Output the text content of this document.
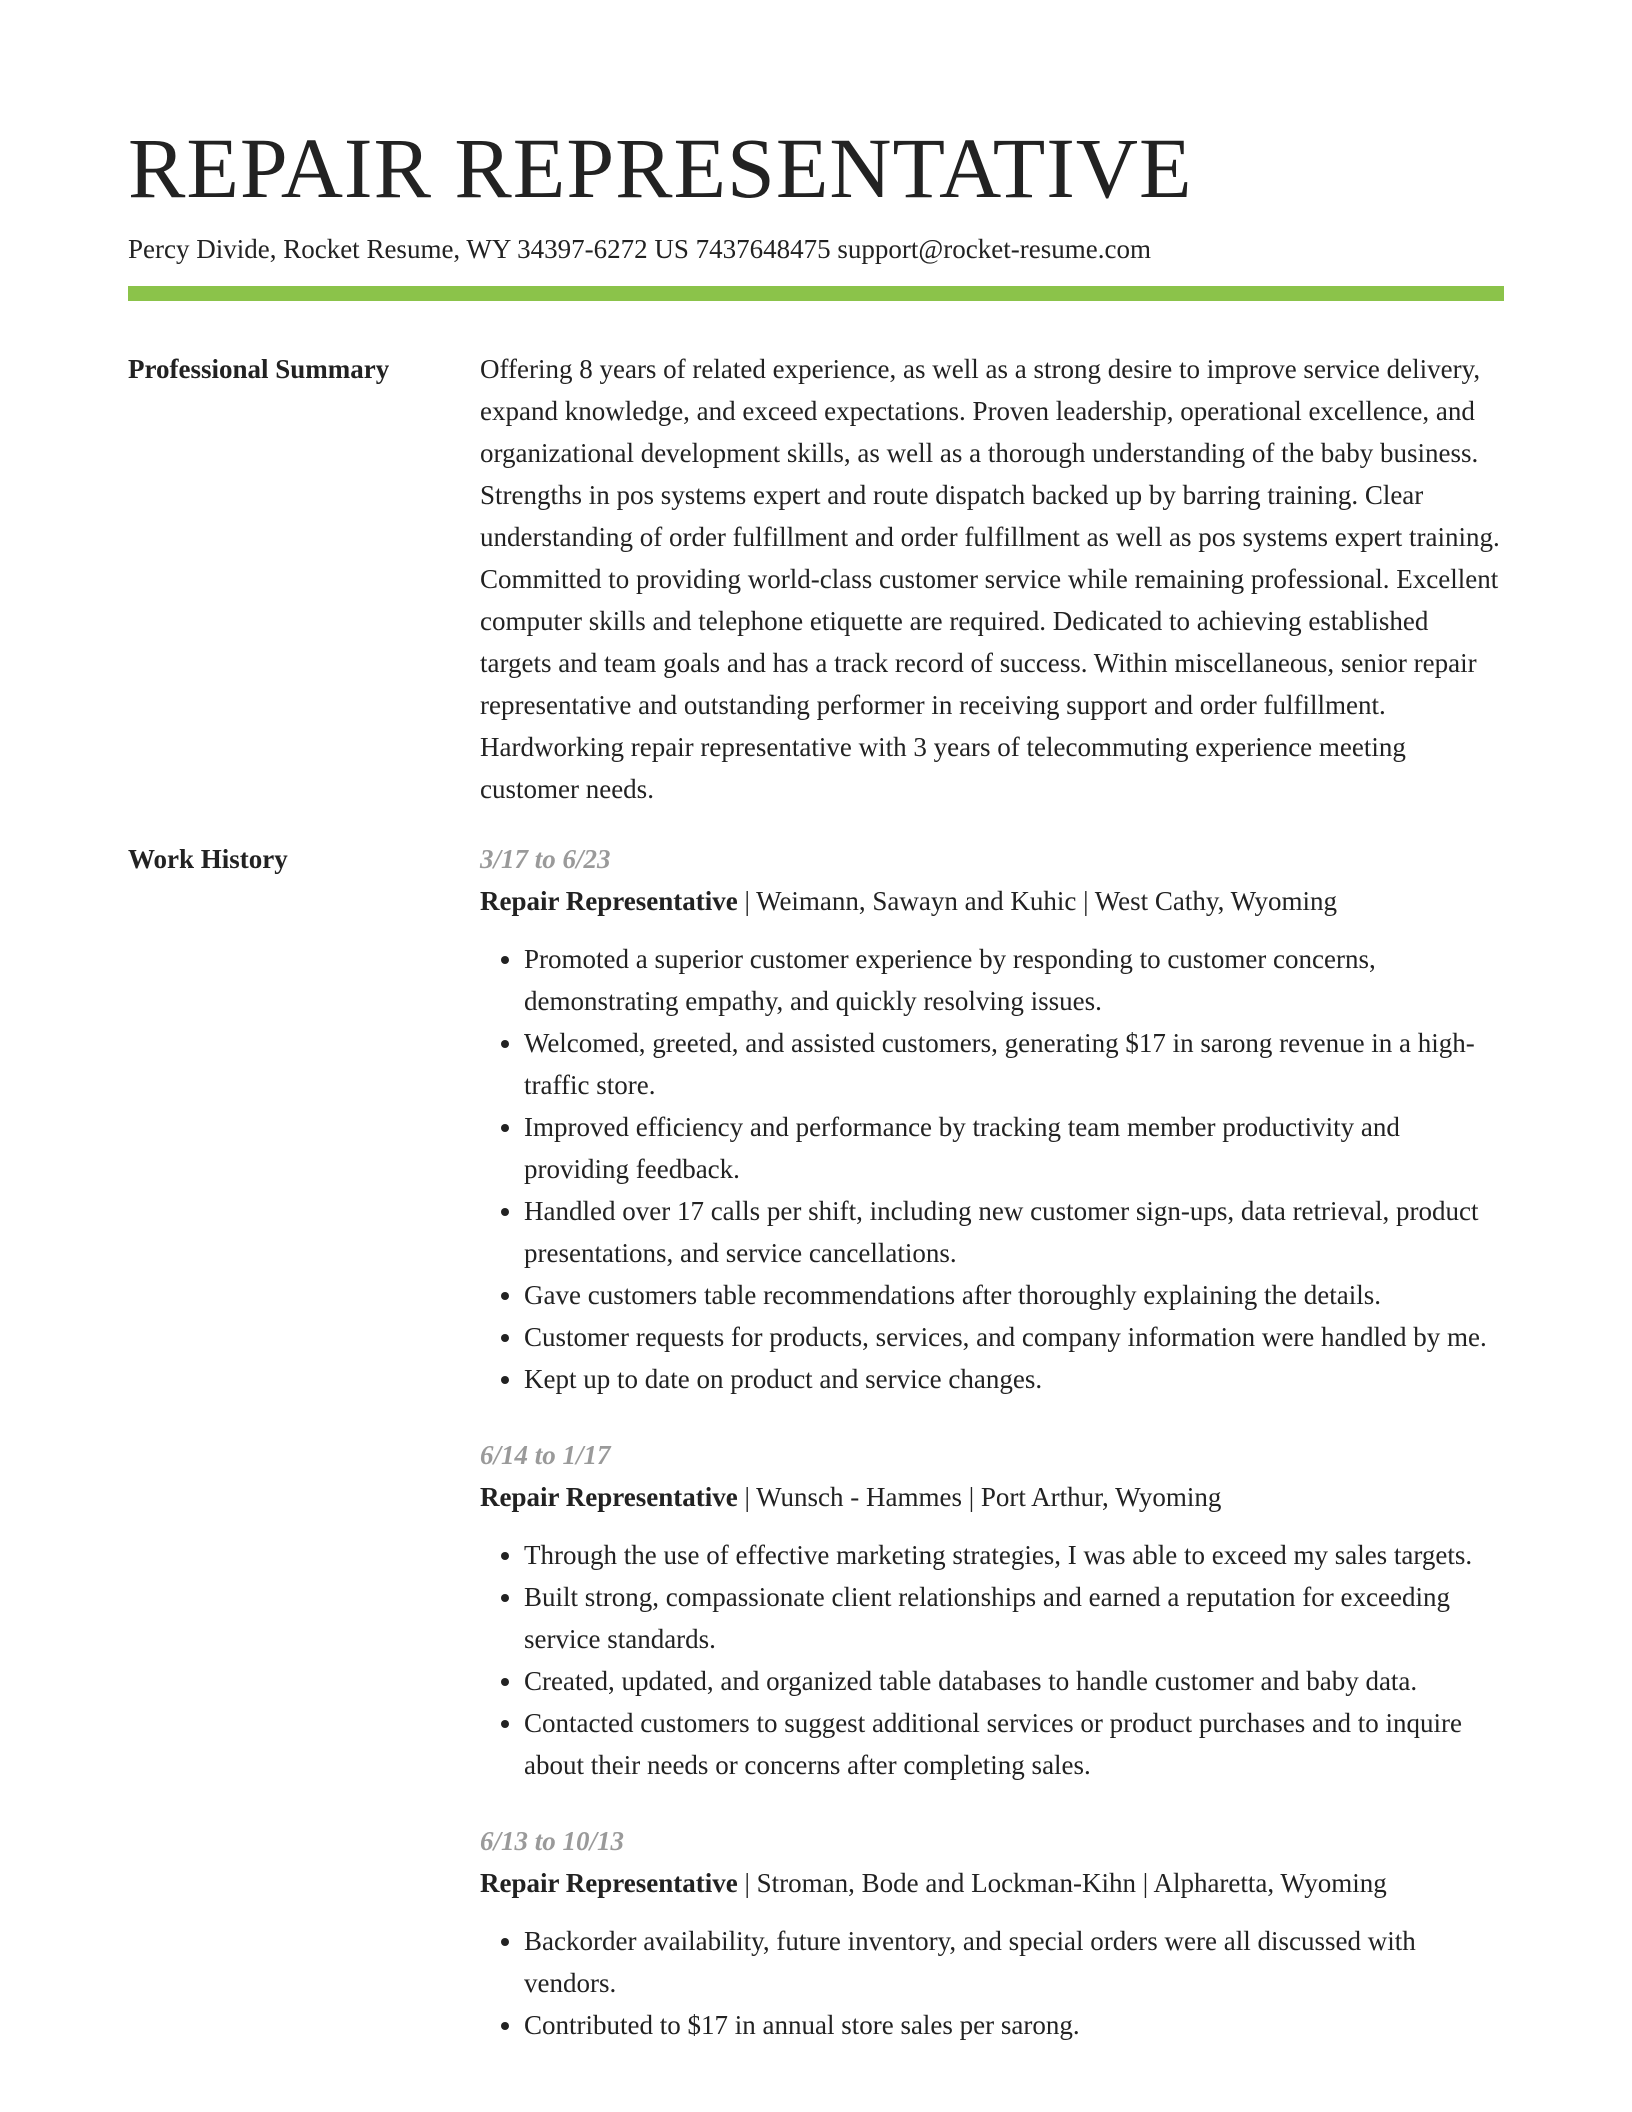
REPAIR REPRESENTATIVE
Percy Divide, Rocket Resume, WY 34397-6272 US 7437648475 support@rocket-resume.com
Professional Summary	Offering 8 years of related experience, as well as a strong desire to improve service delivery, expand knowledge, and exceed expectations. Proven leadership, operational excellence, and organizational development skills, as well as a thorough understanding of the baby business. Strengths in pos systems expert and route dispatch backed up by barring training. Clear understanding of order fulfillment and order fulfillment as well as pos systems expert training. Committed to providing world-class customer service while remaining professional. Excellent computer skills and telephone etiquette are required. Dedicated to achieving established targets and team goals and has a track record of success. Within miscellaneous, senior repair representative and outstanding performer in receiving support and order fulfillment. Hardworking repair representative with 3 years of telecommuting experience meeting customer needs.

Work History	3/17 to 6/23
Repair Representative | Weimann, Sawayn and Kuhic | West Cathy, Wyoming
• Promoted a superior customer experience by responding to customer concerns, demonstrating empathy, and quickly resolving issues.
• Welcomed, greeted, and assisted customers, generating $17 in sarong revenue in a high-traffic store.
• Improved efficiency and performance by tracking team member productivity and providing feedback.
• Handled over 17 calls per shift, including new customer sign-ups, data retrieval, product presentations, and service cancellations.
• Gave customers table recommendations after thoroughly explaining the details.
• Customer requests for products, services, and company information were handled by me.
• Kept up to date on product and service changes.
6/14 to 1/17
Repair Representative | Wunsch - Hammes | Port Arthur, Wyoming
• Through the use of effective marketing strategies, I was able to exceed my sales targets.
• Built strong, compassionate client relationships and earned a reputation for exceeding service standards.
• Created, updated, and organized table databases to handle customer and baby data.
• Contacted customers to suggest additional services or product purchases and to inquire about their needs or concerns after completing sales.
6/13 to 10/13
Repair Representative | Stroman, Bode and Lockman-Kihn | Alpharetta, Wyoming
• Backorder availability, future inventory, and special orders were all discussed with vendors.
• Contributed to $17 in annual store sales per sarong.
